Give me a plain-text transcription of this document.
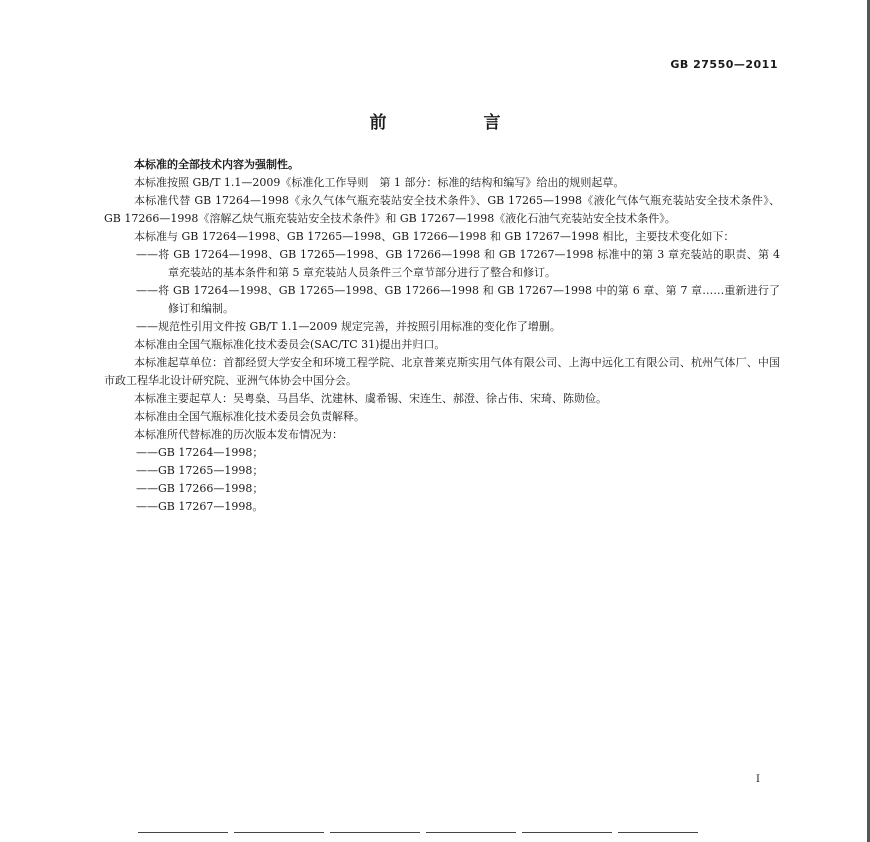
GB 27550—2011
前　言

本标准的全部技术内容为强制性。

本标准按照 GB/T 1.1—2009《标准化工作导则　第 1 部分：标准的结构和编写》给出的规则起草。

本标准代替 GB 17264—1998《永久气体气瓶充装站安全技术条件》、GB 17265—1998《液化气体气瓶充装站安全技术条件》、GB 17266—1998《溶解乙炔气瓶充装站安全技术条件》和 GB 17267—1998《液化石油气充装站安全技术条件》。

本标准与 GB 17264—1998、GB 17265—1998、GB 17266—1998 和 GB 17267—1998 相比，主要技术变化如下：

——将 GB 17264—1998、GB 17265—1998、GB 17266—1998 和 GB 17267—1998 标准中的第 3 章充装站的职责、第 4 章充装站的基本条件和第 5 章充装站人员条件三个章节部分进行了整合和修订。

——将 GB 17264—1998、GB 17265—1998、GB 17266—1998 和 GB 17267—1998 中的第 6 章、第 7 章……重新进行了修订和编制。

——规范性引用文件按 GB/T 1.1—2009 规定完善，并按照引用标准的变化作了增删。

本标准由全国气瓶标准化技术委员会(SAC/TC 31)提出并归口。

本标准起草单位：首都经贸大学安全和环境工程学院、北京普莱克斯实用气体有限公司、上海中远化工有限公司、杭州气体厂、中国市政工程华北设计研究院、亚洲气体协会中国分会。

本标准主要起草人：吴粤燊、马昌华、沈建林、虞希锡、宋连生、郝澄、徐占伟、宋琦、陈勋俭。

本标准由全国气瓶标准化技术委员会负责解释。

本标准所代替标准的历次版本发布情况为：

——GB 17264—1998；

——GB 17265—1998；

——GB 17266—1998；

——GB 17267—1998。

I
